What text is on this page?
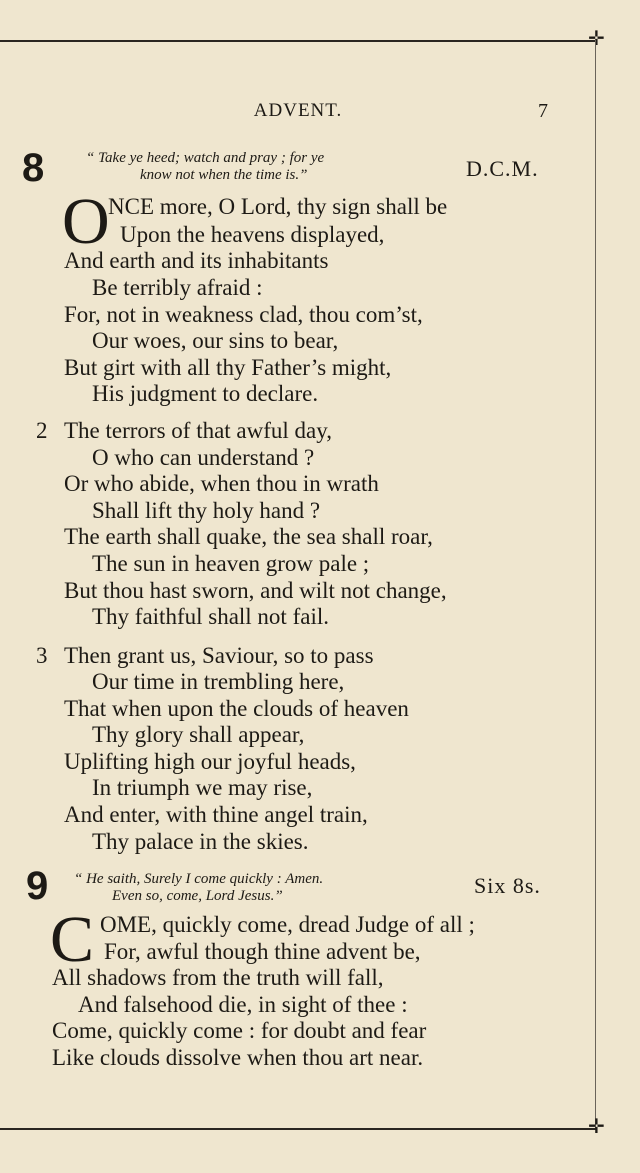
✛
✛
ADVENT.	7
8	“ Take ye heed; watch and pray ; for ye
know not when the time is.”	D.C.M.
O
NCE more, O Lord, thy sign shall be
Upon the heavens displayed,
And earth and its inhabitants
Be terribly afraid :
For, not in weakness clad, thou com’st,
Our woes, our sins to bear,
But girt with all thy Father’s might,
His judgment to declare.
2 The terrors of that awful day,
O who can understand ?
Or who abide, when thou in wrath
Shall lift thy holy hand ?
The earth shall quake, the sea shall roar,
The sun in heaven grow pale ;
But thou hast sworn, and wilt not change,
Thy faithful shall not fail.
3 Then grant us, Saviour, so to pass
Our time in trembling here,
That when upon the clouds of heaven
Thy glory shall appear,
Uplifting high our joyful heads,
In triumph we may rise,
And enter, with thine angel train,
Thy palace in the skies.
9 “ He saith, Surely I come quickly : Amen.
Even so, come, Lord Jesus.”	Six 8s.
C OME, quickly come, dread Judge of all ;
For, awful though thine advent be,
All shadows from the truth will fall,
And falsehood die, in sight of thee :
Come, quickly come : for doubt and fear
Like clouds dissolve when thou art near.
